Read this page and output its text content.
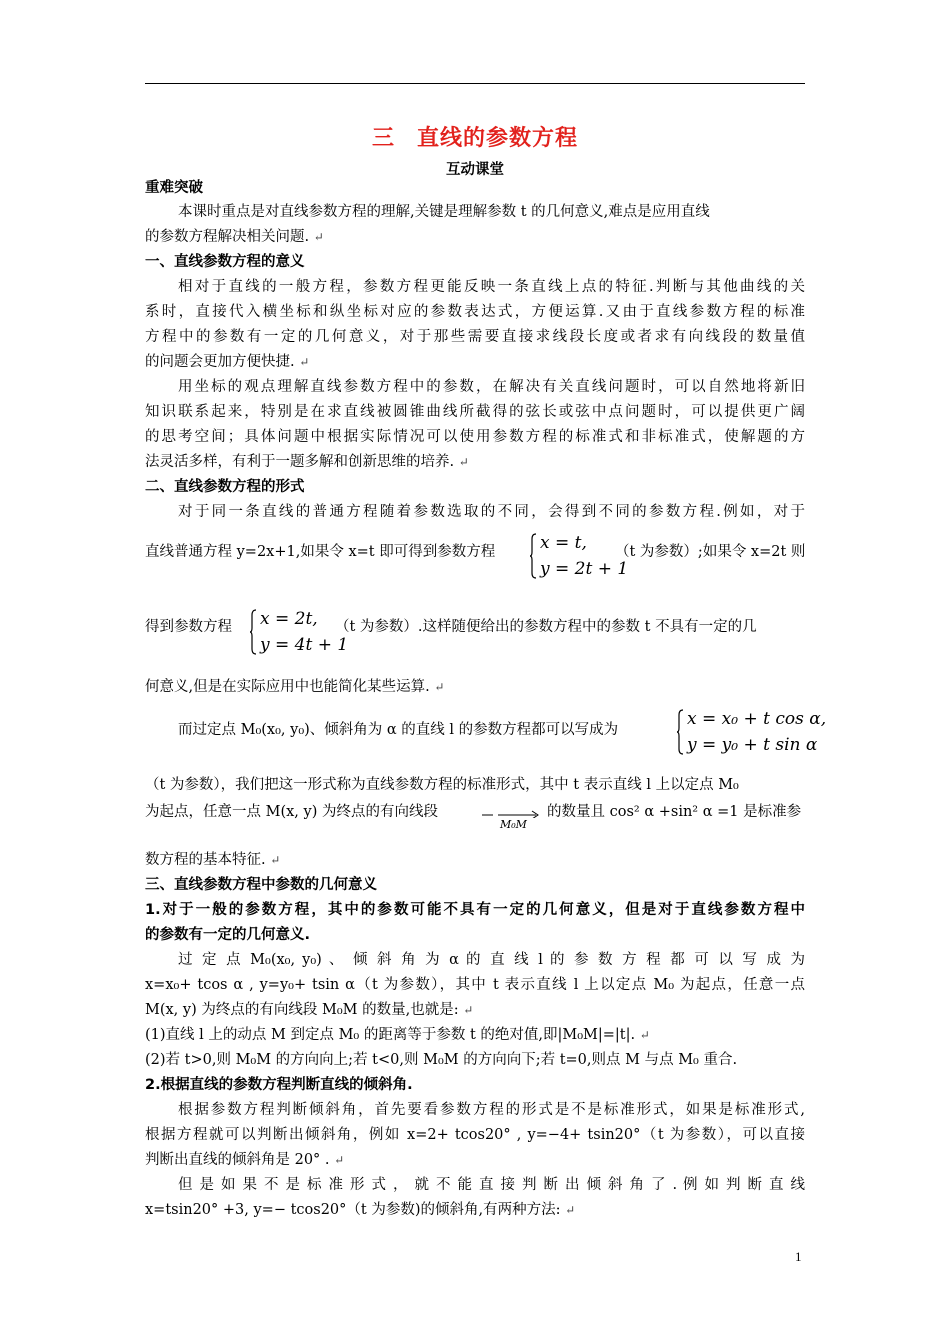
三 直线的参数方程
互动课堂
重难突破
本课时重点是对直线参数方程的理解,关键是理解参数 t 的几何意义,难点是应用直线
的参数方程解决相关问题. ↵
一、直线参数方程的意义
相对于直线的一般方程，参数方程更能反映一条直线上点的特征.判断与其他曲线的关
系时，直接代入横坐标和纵坐标对应的参数表达式，方便运算.又由于直线参数方程的标准
方程中的参数有一定的几何意义，对于那些需要直接求线段长度或者求有向线段的数量值
的问题会更加方便快捷. ↵
用坐标的观点理解直线参数方程中的参数，在解决有关直线问题时，可以自然地将新旧
知识联系起来，特别是在求直线被圆锥曲线所截得的弦长或弦中点问题时，可以提供更广阔
的思考空间；具体问题中根据实际情况可以使用参数方程的标准式和非标准式，使解题的方
法灵活多样，有利于一题多解和创新思维的培养. ↵
二、直线参数方程的形式
对于同一条直线的普通方程随着参数选取的不同，会得到不同的参数方程.例如，对于
直线普通方程 y=2x+1,如果令 x=t 即可得到参数方程	x = t,
y = 2t + 1
（t 为参数）;如果令 x=2t 则
得到参数方程 x = 2t,
y = 4t + 1
（t 为参数）.这样随便给出的参数方程中的参数 t 不具有一定的几
何意义,但是在实际应用中也能简化某些运算. ↵
而过定点 M₀(x₀, y₀)、倾斜角为 α 的直线 l 的参数方程都可以写成为
x = x₀ + t cos α,
y = y₀ + t sin α
（t 为参数），我们把这一形式称为直线参数方程的标准形式，其中 t 表示直线 l 上以定点 M₀
为起点，任意一点 M(x, y) 为终点的有向线段
M₀M
的数量且 cos² α +sin² α =1 是标准参
数方程的基本特征. ↵
三、直线参数方程中参数的几何意义
1.对于一般的参数方程，其中的参数可能不具有一定的几何意义，但是对于直线参数方程中
的参数有一定的几何意义.
过 定 点 M₀(x₀, y₀) 、 倾 斜 角 为 α 的 直 线 l 的 参 数 方 程 都 可 以 写 成 为
x=x₀+ tcos α , y=y₀+ tsin α（t 为参数），其中 t 表示直线 l 上以定点 M₀ 为起点，任意一点
M(x, y) 为终点的有向线段 M₀M 的数量,也就是: ↵
(1)直线 l 上的动点 M 到定点 M₀ 的距离等于参数 t 的绝对值,即|M₀M|=|t|. ↵
(2)若 t>0,则 M₀M 的方向向上;若 t<0,则 M₀M 的方向向下;若 t=0,则点 M 与点 M₀ 重合.
2.根据直线的参数方程判断直线的倾斜角.
根据参数方程判断倾斜角，首先要看参数方程的形式是不是标准形式，如果是标准形式,
根据方程就可以判断出倾斜角，例如 x=2+ tcos20° , y=−4+ tsin20°（t 为参数），可以直接
判断出直线的倾斜角是 20° . ↵
但 是 如 果 不 是 标 准 形 式 ， 就 不 能 直 接 判 断 出 倾 斜 角 了 . 例 如 判 断 直 线
x=tsin20° +3, y=− tcos20°（t 为参数)的倾斜角,有两种方法: ↵
1
